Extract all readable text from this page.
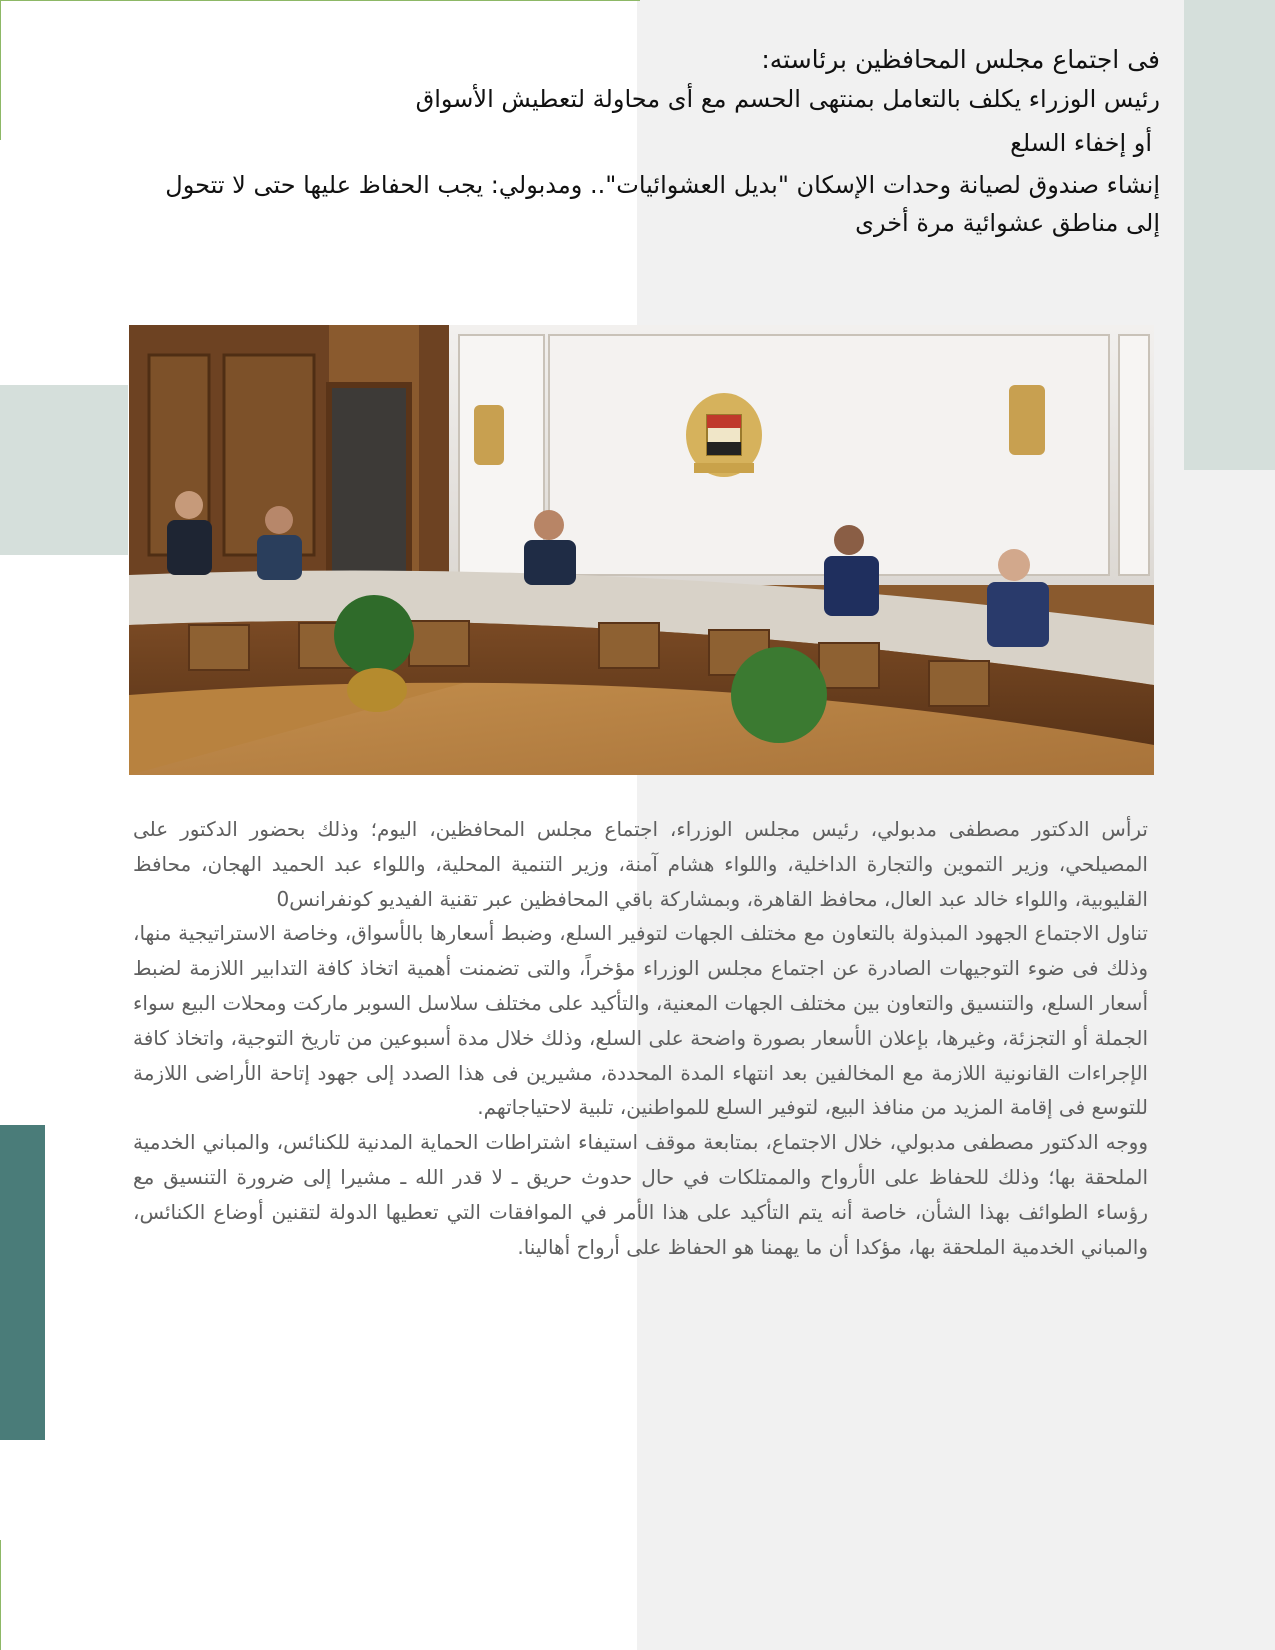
فى اجتماع مجلس المحافظين برئاسته:
رئيس الوزراء يكلف بالتعامل بمنتهى الحسم مع أى محاولة لتعطيش الأسواق
أو إخفاء السلع
إنشاء صندوق لصيانة وحدات الإسكان "بديل العشوائيات".. ومدبولي: يجب الحفاظ عليها حتى لا تتحول إلى مناطق عشوائية مرة أخرى

ترأس الدكتور مصطفى مدبولي، رئيس مجلس الوزراء، اجتماع مجلس المحافظين، اليوم؛ وذلك بحضور الدكتور على المصيلحي، وزير التموين والتجارة الداخلية، واللواء هشام آمنة، وزير التنمية المحلية، واللواء عبد الحميد الهجان، محافظ القليوبية، واللواء خالد عبد العال، محافظ القاهرة، وبمشاركة باقي المحافظين عبر تقنية الفيديو كونفرانس0

تناول الاجتماع الجهود المبذولة بالتعاون مع مختلف الجهات لتوفير السلع، وضبط أسعارها بالأسواق، وخاصة الاستراتيجية منها، وذلك فى ضوء التوجيهات الصادرة عن اجتماع مجلس الوزراء مؤخراً، والتى تضمنت أهمية اتخاذ كافة التدابير اللازمة لضبط أسعار السلع، والتنسيق والتعاون بين مختلف الجهات المعنية، والتأكيد على مختلف سلاسل السوبر ماركت ومحلات البيع سواء الجملة أو التجزئة، وغيرها، بإعلان الأسعار بصورة واضحة على السلع، وذلك خلال مدة أسبوعين من تاريخ التوجية، واتخاذ كافة الإجراءات القانونية اللازمة مع المخالفين بعد انتهاء المدة المحددة، مشيرين فى هذا الصدد إلى جهود إتاحة الأراضى اللازمة للتوسع فى إقامة المزيد من منافذ البيع، لتوفير السلع للمواطنين، تلبية لاحتياجاتهم.

ووجه الدكتور مصطفى مدبولي، خلال الاجتماع، بمتابعة موقف استيفاء اشتراطات الحماية المدنية للكنائس، والمباني الخدمية الملحقة بها؛ وذلك للحفاظ على الأرواح والممتلكات في حال حدوث حريق ـ لا قدر الله ـ مشيرا إلى ضرورة التنسيق مع رؤساء الطوائف بهذا الشأن، خاصة أنه يتم التأكيد على هذا الأمر في الموافقات التي تعطيها الدولة لتقنين أوضاع الكنائس، والمباني الخدمية الملحقة بها، مؤكدا أن ما يهمنا هو الحفاظ على أرواح أهالينا.
